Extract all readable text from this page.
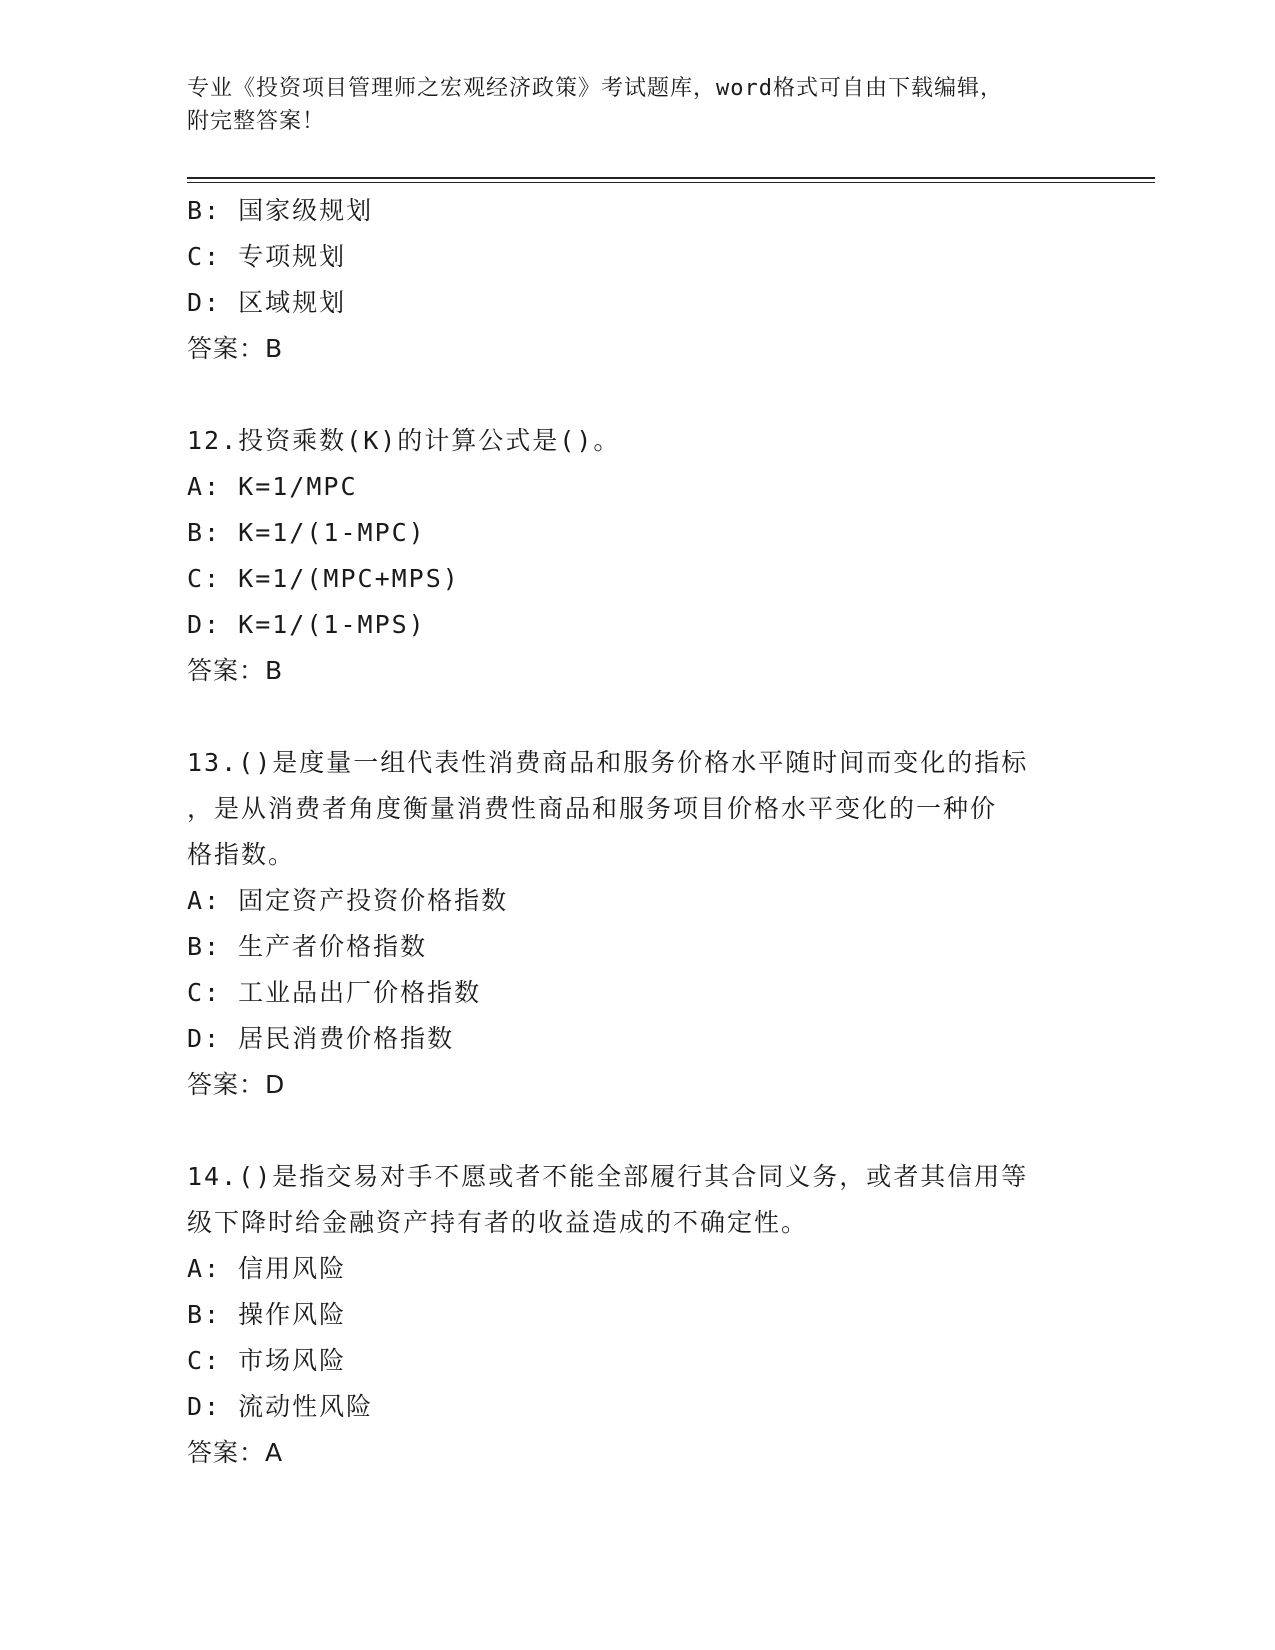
专业《投资项目管理师之宏观经济政策》考试题库，word格式可自由下载编辑，
附完整答案！
B: 国家级规划
C: 专项规划
D: 区域规划
答案：B
12.投资乘数(K)的计算公式是()。
A: K=1/MPC
B: K=1/(1-MPC)
C: K=1/(MPC+MPS)
D: K=1/(1-MPS)
答案：B
13.()是度量一组代表性消费商品和服务价格水平随时间而变化的指标
，是从消费者角度衡量消费性商品和服务项目价格水平变化的一种价
格指数。
A: 固定资产投资价格指数
B: 生产者价格指数
C: 工业品出厂价格指数
D: 居民消费价格指数
答案：D
14.()是指交易对手不愿或者不能全部履行其合同义务，或者其信用等
级下降时给金融资产持有者的收益造成的不确定性。
A: 信用风险
B: 操作风险
C: 市场风险
D: 流动性风险
答案：A
